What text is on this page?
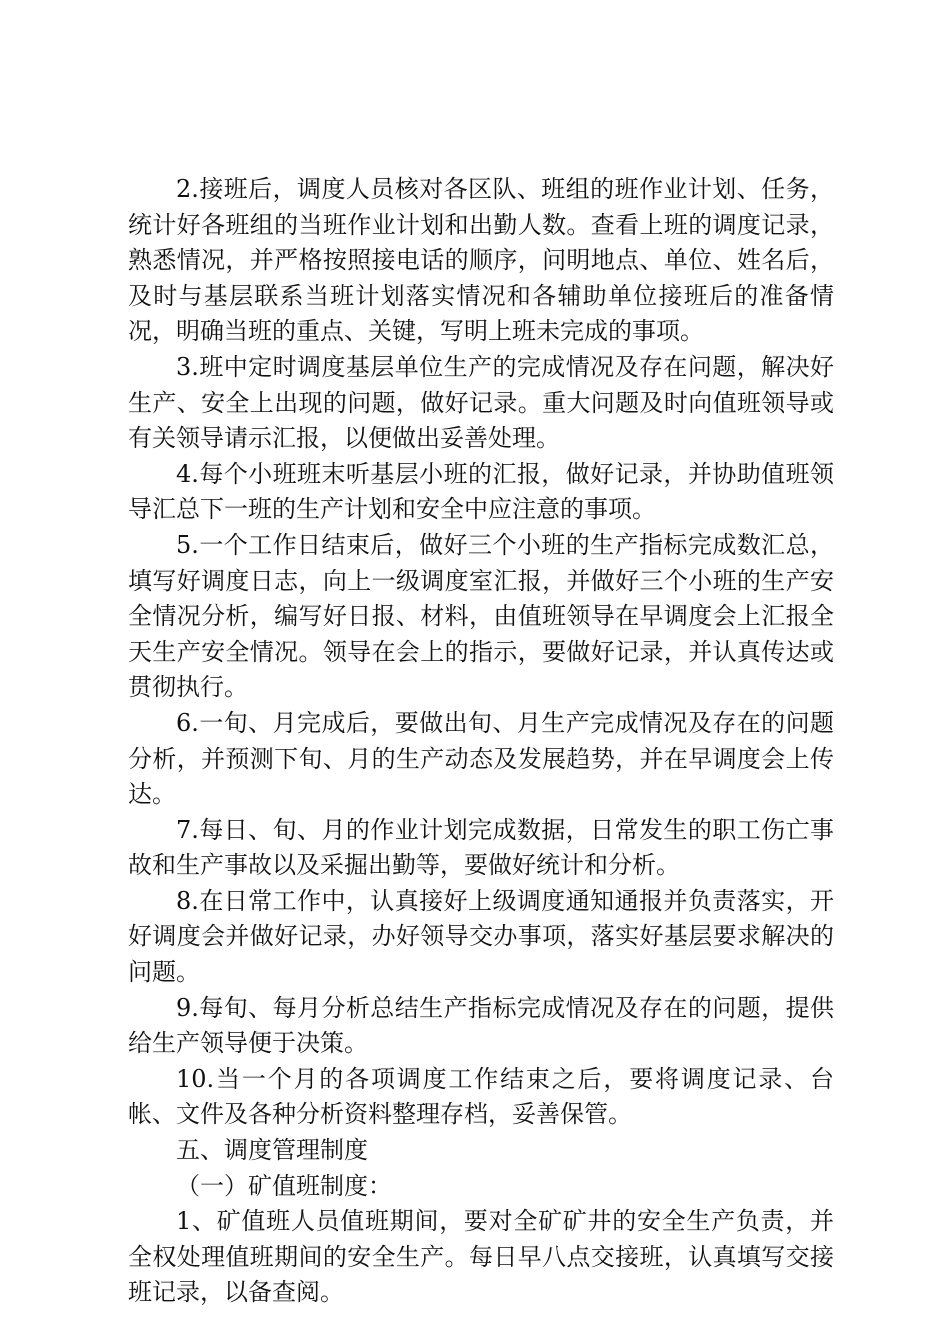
2.接班后，调度人员核对各区队、班组的班作业计划、任务，统计好各班组的当班作业计划和出勤人数。查看上班的调度记录，熟悉情况，并严格按照接电话的顺序，问明地点、单位、姓名后，及时与基层联系当班计划落实情况和各辅助单位接班后的准备情况，明确当班的重点、关键，写明上班未完成的事项。

3.班中定时调度基层单位生产的完成情况及存在问题，解决好生产、安全上出现的问题，做好记录。重大问题及时向值班领导或有关领导请示汇报，以便做出妥善处理。

4.每个小班班末听基层小班的汇报，做好记录，并协助值班领导汇总下一班的生产计划和安全中应注意的事项。

5.一个工作日结束后，做好三个小班的生产指标完成数汇总，填写好调度日志，向上一级调度室汇报，并做好三个小班的生产安全情况分析，编写好日报、材料，由值班领导在早调度会上汇报全天生产安全情况。领导在会上的指示，要做好记录，并认真传达或贯彻执行。

6.一旬、月完成后，要做出旬、月生产完成情况及存在的问题分析，并预测下旬、月的生产动态及发展趋势，并在早调度会上传达。

7.每日、旬、月的作业计划完成数据，日常发生的职工伤亡事故和生产事故以及采掘出勤等，要做好统计和分析。

8.在日常工作中，认真接好上级调度通知通报并负责落实，开好调度会并做好记录，办好领导交办事项，落实好基层要求解决的问题。

9.每旬、每月分析总结生产指标完成情况及存在的问题，提供给生产领导便于决策。

10.当一个月的各项调度工作结束之后，要将调度记录、台帐、文件及各种分析资料整理存档，妥善保管。

五、调度管理制度

（一）矿值班制度：

1、矿值班人员值班期间，要对全矿矿井的安全生产负责，并全权处理值班期间的安全生产。每日早八点交接班，认真填写交接班记录，以备查阅。
